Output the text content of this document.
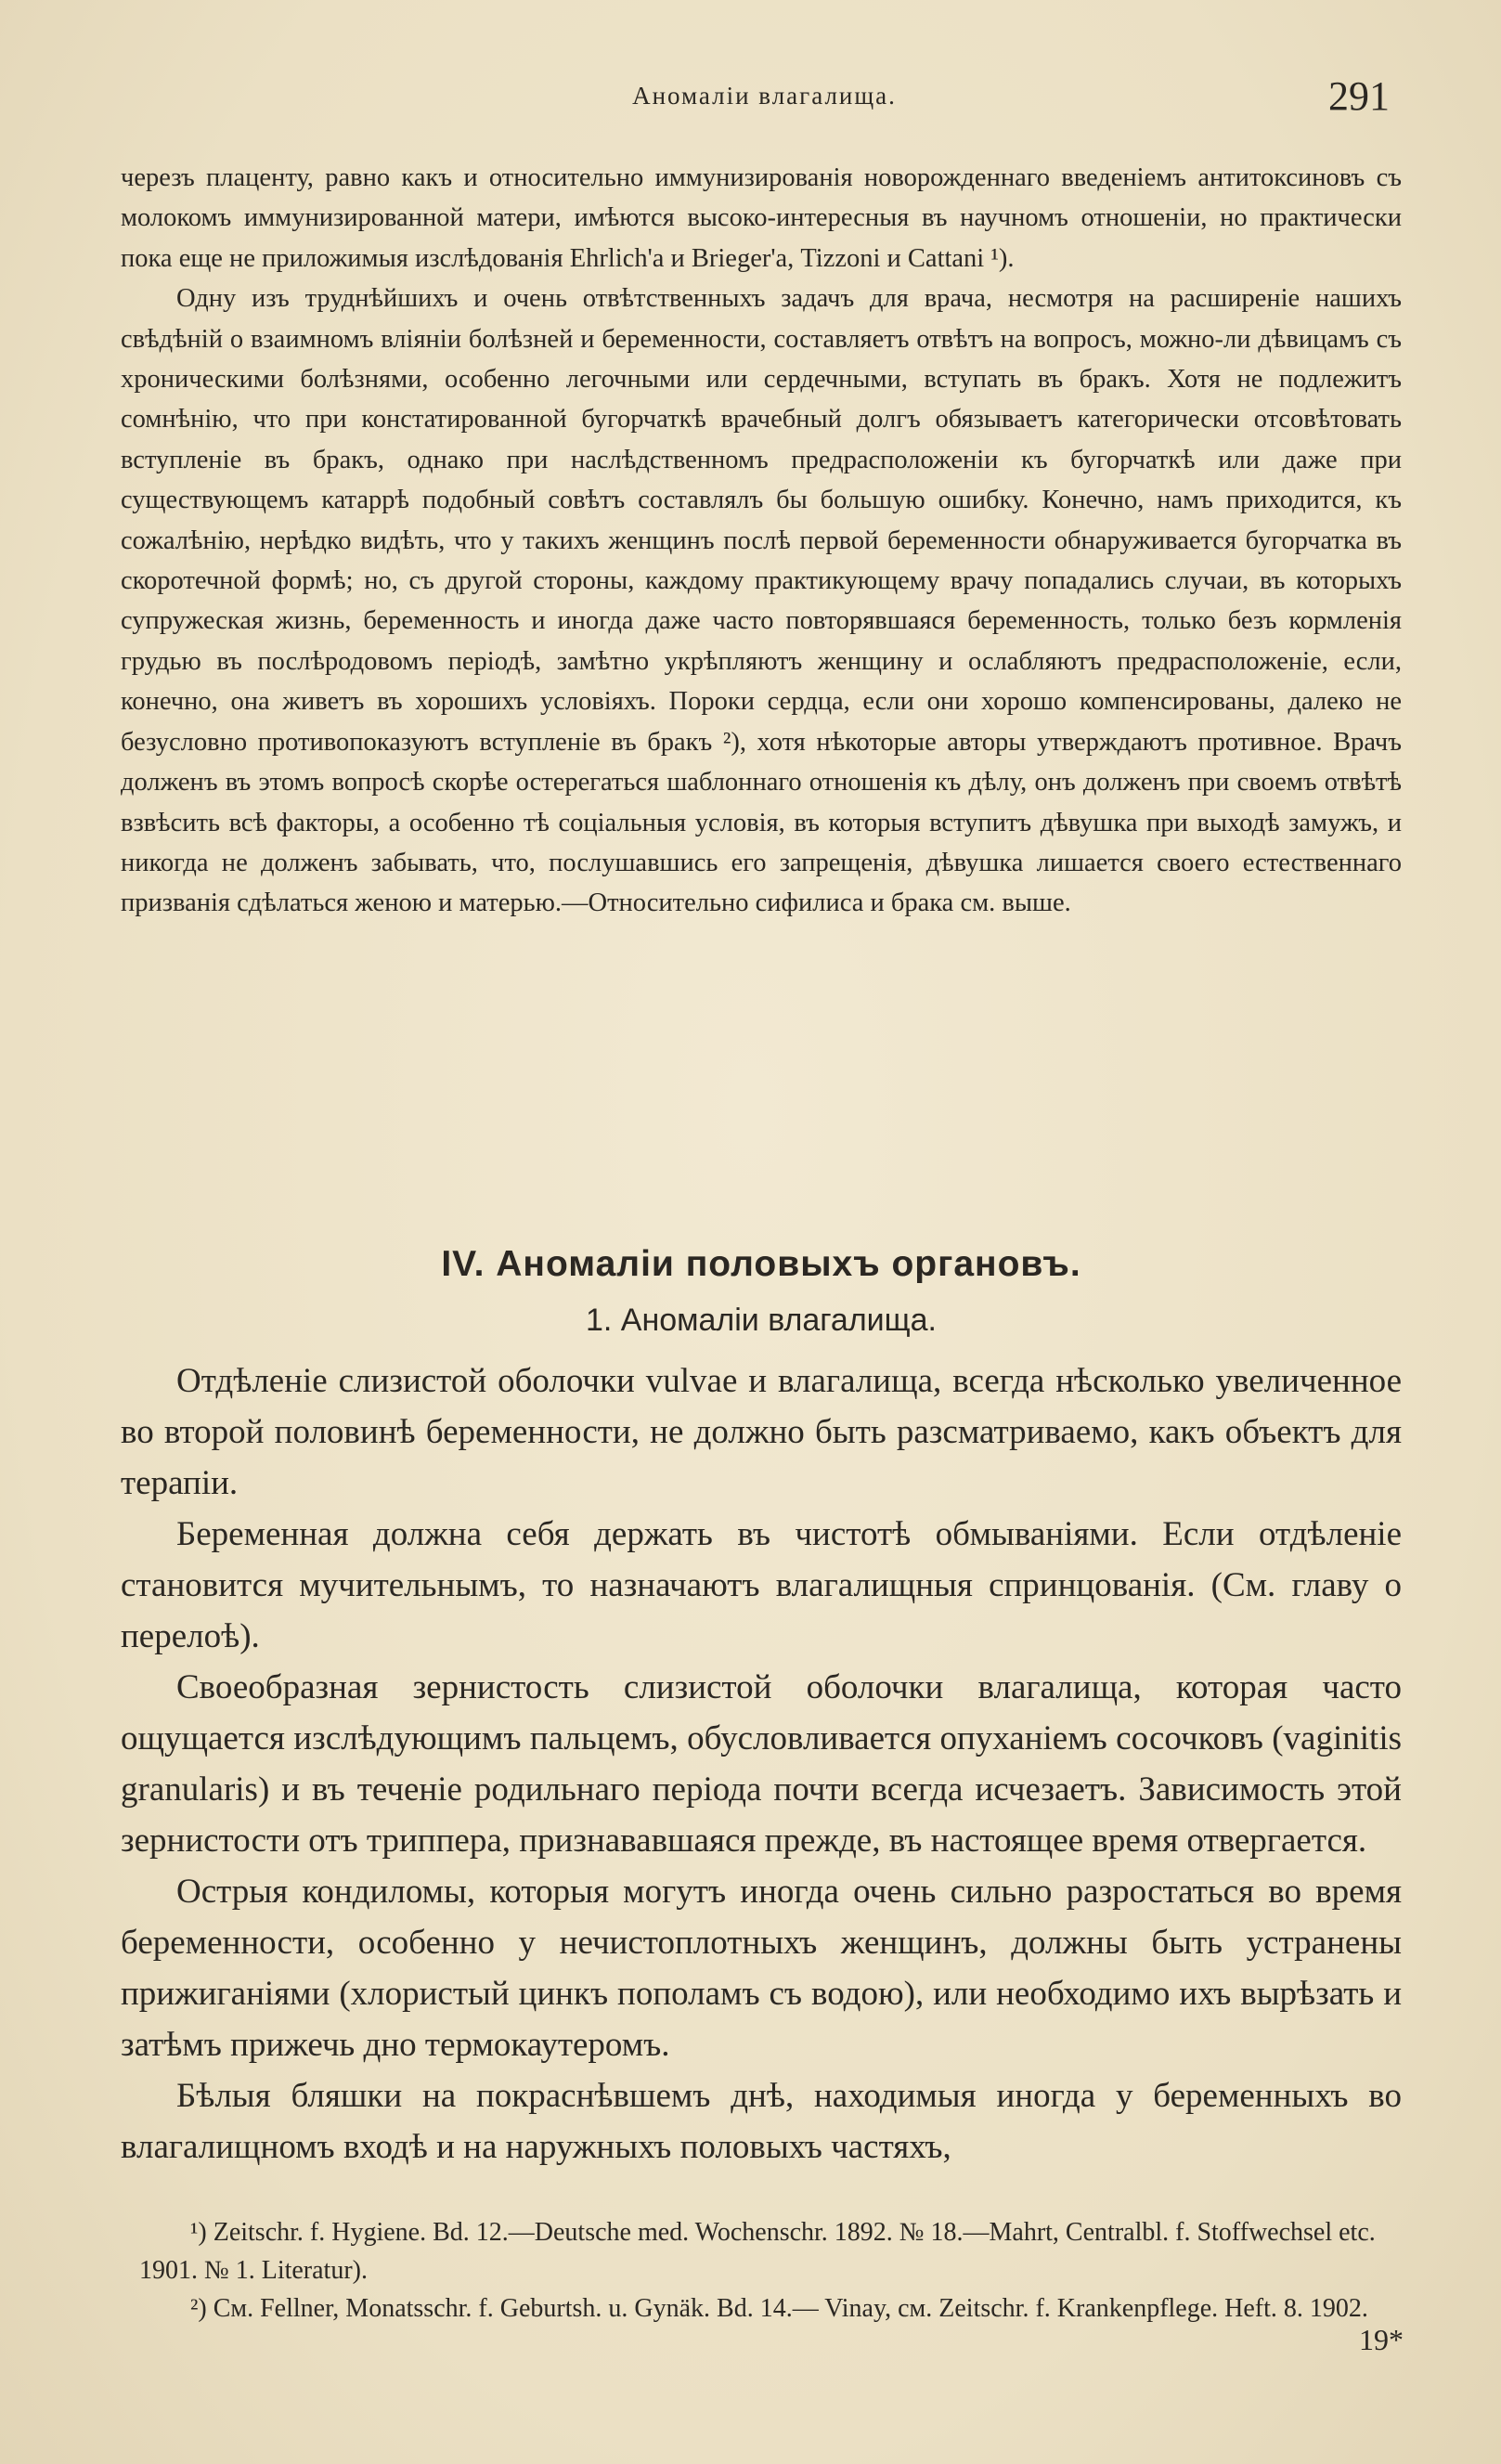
Аномаліи влагалища.	291

черезъ плаценту, равно какъ и относительно иммунизированія новорожденнаго введеніемъ антитоксиновъ съ молокомъ иммунизированной матери, имѣются высоко-интересныя въ научномъ отношеніи, но практически пока еще не приложимыя изслѣдованія Ehrlich'а и Brieger'а, Tizzoni и Cattani ¹).

Одну изъ труднѣйшихъ и очень отвѣтственныхъ задачъ для врача, несмотря на расширеніе нашихъ свѣдѣній о взаимномъ вліяніи болѣзней и беременности, составляетъ отвѣтъ на вопросъ, можно-ли дѣвицамъ съ хроническими болѣзнями, особенно легочными или сердечными, вступать въ бракъ. Хотя не подлежитъ сомнѣнію, что при констатированной бугорчаткѣ врачебный долгъ обязываетъ категорически отсовѣтовать вступленіе въ бракъ, однако при наслѣдственномъ предрасположеніи къ бугорчаткѣ или даже при существующемъ катаррѣ подобный совѣтъ составлялъ бы большую ошибку. Конечно, намъ приходится, къ сожалѣнію, нерѣдко видѣть, что у такихъ женщинъ послѣ первой беременности обнаруживается бугорчатка въ скоротечной формѣ; но, съ другой стороны, каждому практикующему врачу попадались случаи, въ которыхъ супружеская жизнь, беременность и иногда даже часто повторявшаяся беременность, только безъ кормленія грудью въ послѣродовомъ періодѣ, замѣтно укрѣпляютъ женщину и ослабляютъ предрасположеніе, если, конечно, она живетъ въ хорошихъ условіяхъ. Пороки сердца, если они хорошо компенсированы, далеко не безусловно противопоказуютъ вступленіе въ бракъ ²), хотя нѣкоторые авторы утверждаютъ противное. Врачъ долженъ въ этомъ вопросѣ скорѣе остерегаться шаблоннаго отношенія къ дѣлу, онъ долженъ при своемъ отвѣтѣ взвѣсить всѣ факторы, а особенно тѣ соціальныя условія, въ которыя вступитъ дѣвушка при выходѣ замужъ, и никогда не долженъ забывать, что, послушавшись его запрещенія, дѣвушка лишается своего естественнаго призванія сдѣлаться женою и матерью.—Относительно сифилиса и брака см. выше.

IV. Аномаліи половыхъ органовъ.
1. Аномаліи влагалища.

Отдѣленіе слизистой оболочки vulvae и влагалища, всегда нѣсколько увеличенное во второй половинѣ беременности, не должно быть разсматриваемо, какъ объектъ для терапіи.

Беременная должна себя держать въ чистотѣ обмываніями. Если отдѣленіе становится мучительнымъ, то назначаютъ влагалищныя спринцованія. (См. главу о перелоѣ).

Своеобразная зернистость слизистой оболочки влагалища, которая часто ощущается изслѣдующимъ пальцемъ, обусловливается опуханіемъ сосочковъ (vaginitis granularis) и въ теченіе родильнаго періода почти всегда исчезаетъ. Зависимость этой зернистости отъ триппера, признававшаяся прежде, въ настоящее время отвергается.

Острыя кондиломы, которыя могутъ иногда очень сильно разростаться во время беременности, особенно у нечистоплотныхъ женщинъ, должны быть устранены прижиганіями (хлористый цинкъ пополамъ съ водою), или необходимо ихъ вырѣзать и затѣмъ прижечь дно термокаутеромъ.

Бѣлыя бляшки на покраснѣвшемъ днѣ, находимыя иногда у беременныхъ во влагалищномъ входѣ и на наружныхъ половыхъ частяхъ,

¹) Zeitschr. f. Hygiene. Bd. 12.—Deutsche med. Wochenschr. 1892. № 18.—Mahrt, Centralbl. f. Stoffwechsel etc. 1901. № 1. Literatur).

²) См. Fellner, Monatsschr. f. Geburtsh. u. Gynäk. Bd. 14.— Vinay, см. Zeitschr. f. Krankenpflege. Heft. 8. 1902.

19*
